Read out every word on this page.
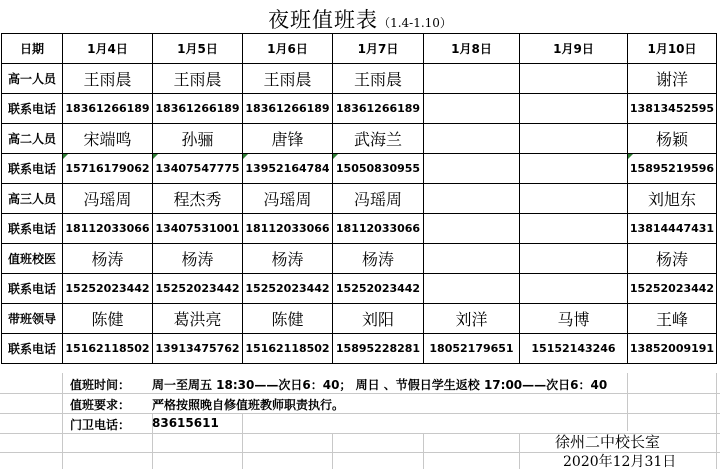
夜班值班表（1.4-1.10）
日期	1月4日	1月5日	1月6日	1月7日	1月8日	1月9日	1月10日
高一人员	王雨晨	王雨晨	王雨晨	王雨晨			谢洋
联系电话	18361266189	18361266189	18361266189	18361266189			13813452595
高二人员	宋端鸣	孙骊	唐锋	武海兰			杨颖
联系电话	15716179062	13407547775	13952164784	15050830955			15895219596
高三人员	冯瑶周	程杰秀	冯瑶周	冯瑶周			刘旭东
联系电话	18112033066	13407531001	18112033066	18112033066			13814447431
值班校医	杨涛	杨涛	杨涛	杨涛			杨涛
联系电话	15252023442	15252023442	15252023442	15252023442			15252023442
带班领导	陈健	葛洪亮	陈健	刘阳	刘洋	马博	王峰
联系电话	15162118502	13913475762	15162118502	15895228281	18052179651	15152143246	13852009191
值班时间： 周一至周五 18:30——次日6：40； 周日 、节假日学生返校 17:00——次日6：40
值班要求： 严格按照晚自修值班教师职责执行。
门卫电话： 83615611
徐州二中校长室
2020年12月31日
